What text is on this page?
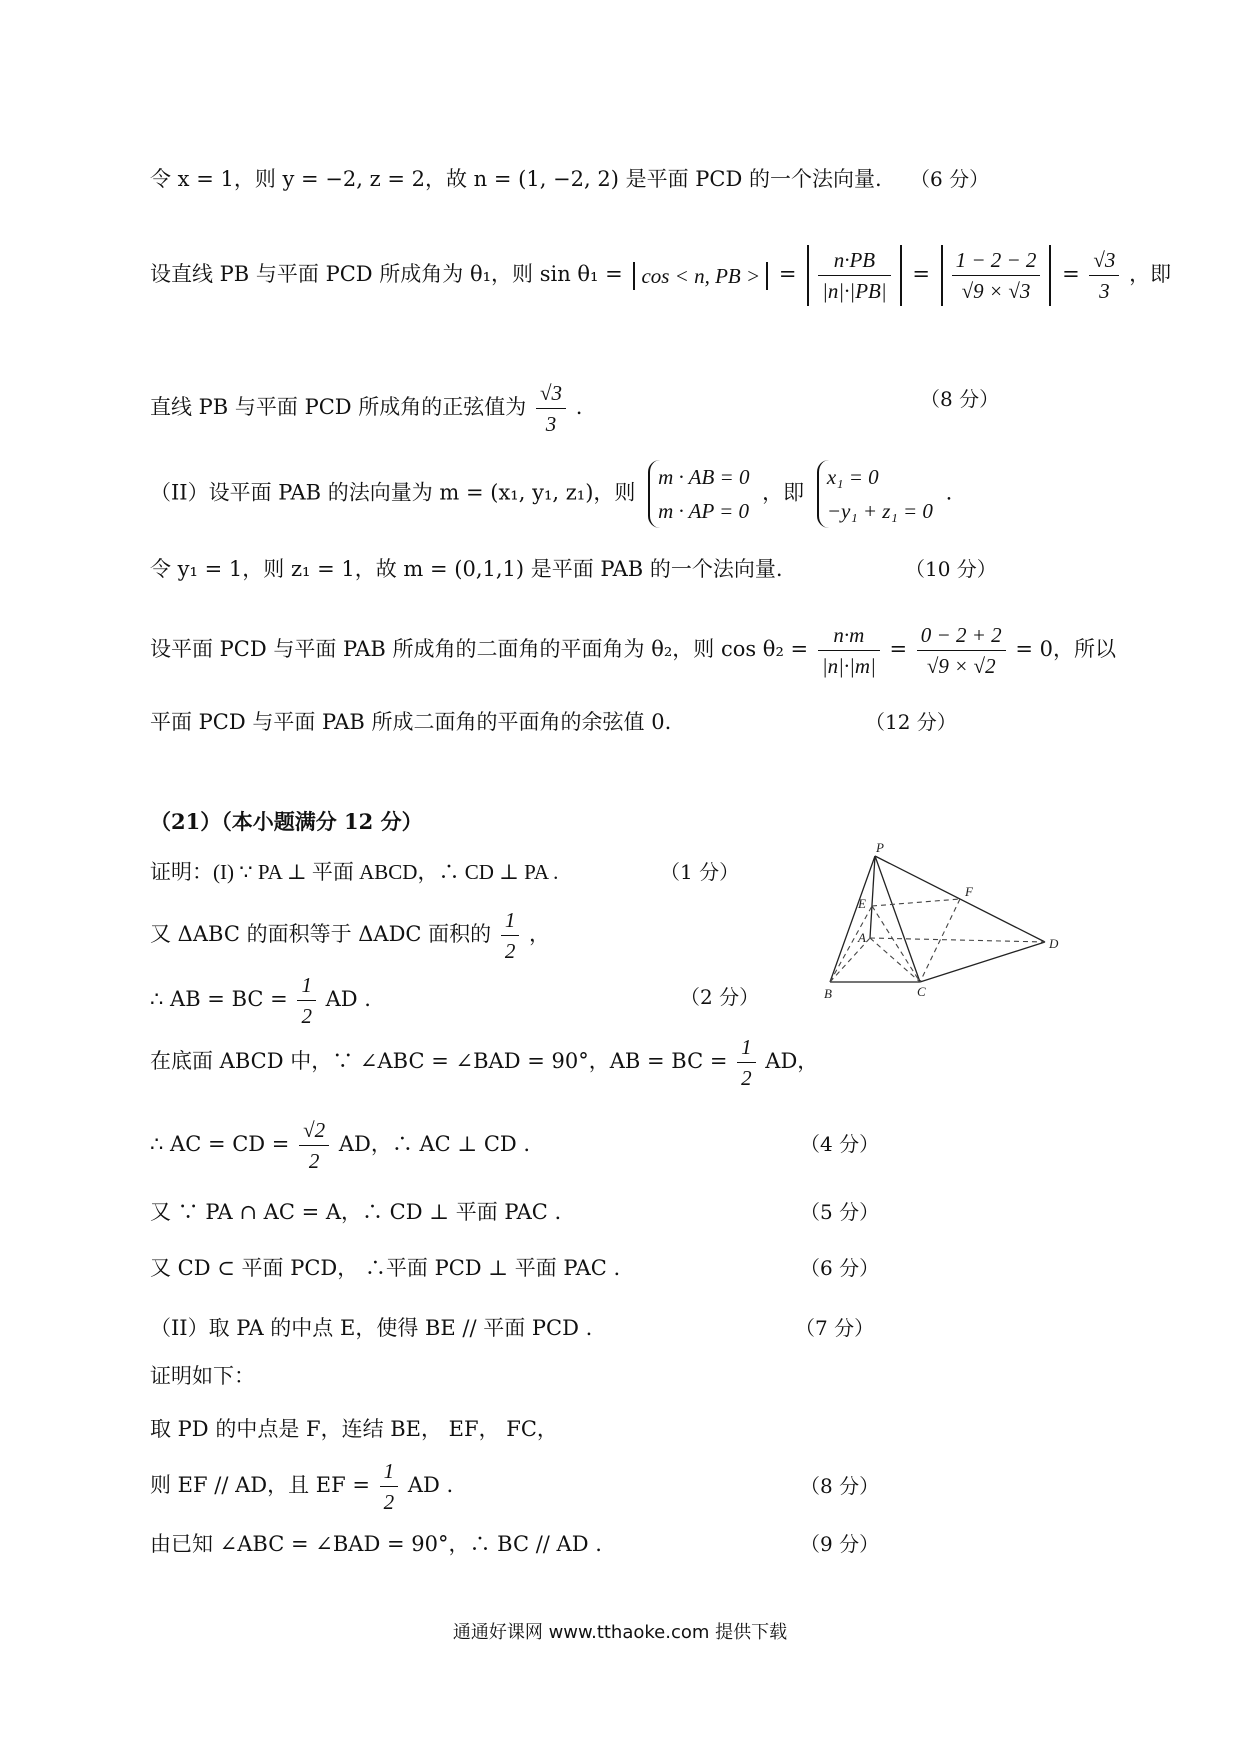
令 x = 1，则 y = −2, z = 2，故 n = (1, −2, 2) 是平面 PCD 的一个法向量. （6 分）
设直线 PB 与平面 PCD 所成角为 θ₁，则 sin θ₁ = cos < n, PB > = $\frac{n\cdot PB}{|n|\cdot|PB|} = \frac{1 - 2 - 2}{√9 \times √3} = \frac{√3}{3}$ ，即
直线 PB 与平面 PCD 所成角的正弦值为 $\frac{√3}{3}$ .	（8 分）
（II）设平面 PAB 的法向量为 m = (x₁, y₁, z₁)，则
m · AB = 0
m · AP = 0
，即
x₁ = 0
−y₁ + z₁ = 0
.
令 y₁ = 1，则 z₁ = 1，故 m = (0,1,1) 是平面 PAB 的一个法向量.	（10 分）
设平面 PCD 与平面 PAB 所成角的二面角的平面角为 θ₂，则 $\cos \theta_2 = \frac{n\cdot m}{|n|\cdot|m|} = \frac{0 - 2 + 2}{√9 \times √2} = 0$，所以
平面 PCD 与平面 PAB 所成二面角的平面角的余弦值 0.	（12 分）
（21）（本小题满分 12 分）
证明：(I) ∵ PA ⊥ 平面 ABCD，∴ CD ⊥ PA .	（1 分）
又 ΔABC 的面积等于 ΔADC 面积的 $\frac{1}{2}$ ，
∴ AB = BC = $\frac{1}{2}$ AD .	（2 分）
在底面 ABCD 中，∵ ∠ABC = ∠BAD = 90°，AB = BC = $\frac{1}{2}$ AD，
∴ AC = CD = $\frac{√2}{2}$ AD，∴ AC ⊥ CD .	（4 分）
又 ∵ PA ∩ AC = A，∴ CD ⊥ 平面 PAC .	（5 分）
又 CD ⊂ 平面 PCD， ∴平面 PCD ⊥ 平面 PAC .	（6 分）
（II）取 PA 的中点 E，使得 BE // 平面 PCD .	（7 分）
证明如下：
取 PD 的中点是 F，连结 BE， EF， FC，
则 EF // AD，且 EF = $\frac{1}{2}$ AD .	（8 分）
由已知 ∠ABC = ∠BAD = 90°，∴ BC // AD .	（9 分）
P
E
A
F
D
B	C
通通好课网 www.tthaoke.com 提供下载
